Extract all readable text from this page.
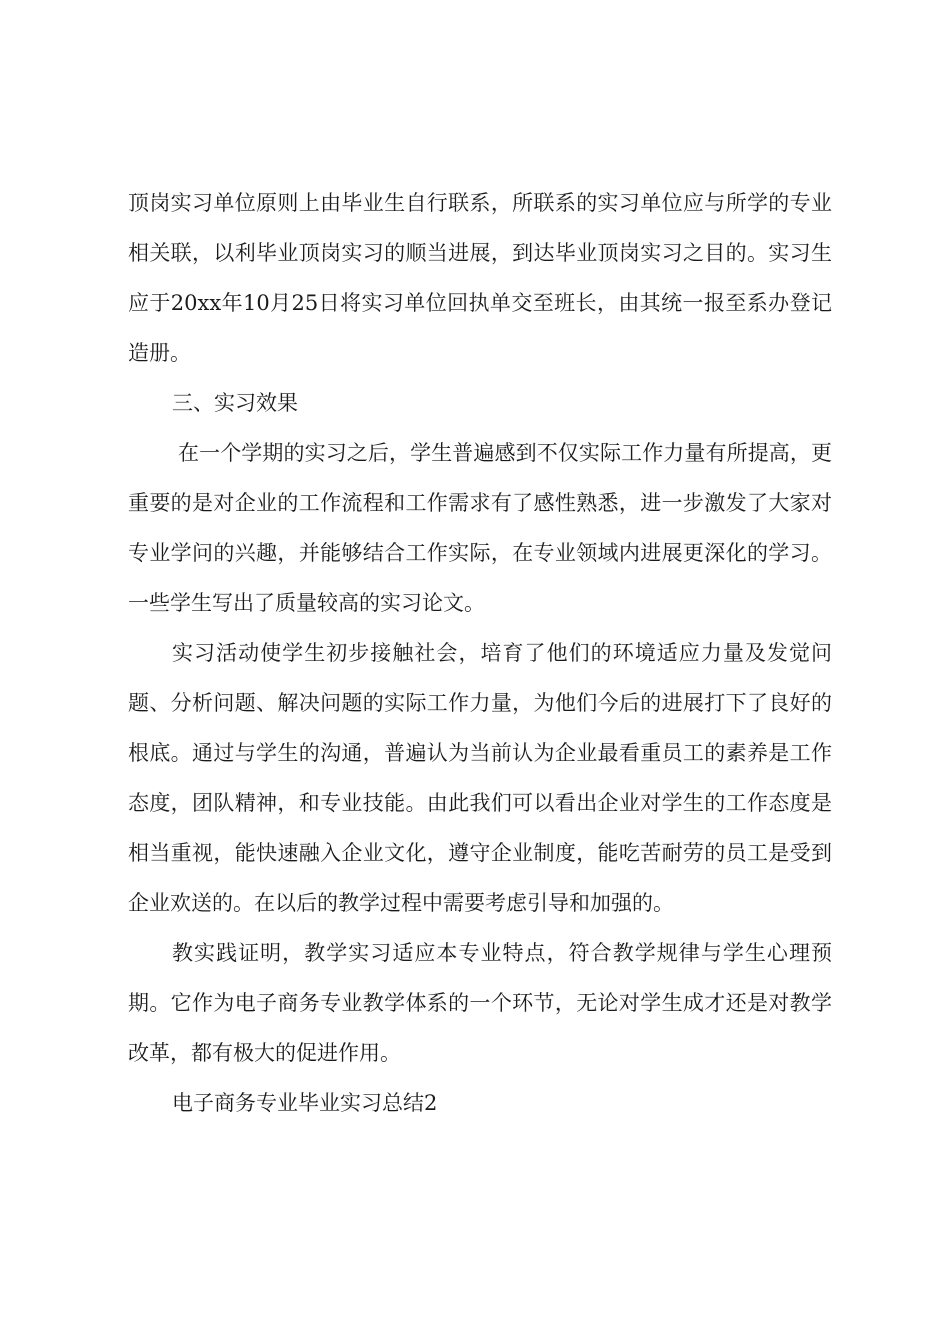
顶岗实习单位原则上由毕业生自行联系，所联系的实习单位应与所学的专业相关联，以利毕业顶岗实习的顺当进展，到达毕业顶岗实习之目的。实习生应于20xx年10月25日将实习单位回执单交至班长，由其统一报至系办登记造册。

三、实习效果

在一个学期的实习之后，学生普遍感到不仅实际工作力量有所提高，更重要的是对企业的工作流程和工作需求有了感性熟悉，进一步激发了大家对专业学问的兴趣，并能够结合工作实际，在专业领域内进展更深化的学习。一些学生写出了质量较高的实习论文。

实习活动使学生初步接触社会，培育了他们的环境适应力量及发觉问题、分析问题、解决问题的实际工作力量，为他们今后的进展打下了良好的根底。通过与学生的沟通，普遍认为当前认为企业最看重员工的素养是工作态度，团队精神，和专业技能。由此我们可以看出企业对学生的工作态度是相当重视，能快速融入企业文化，遵守企业制度，能吃苦耐劳的员工是受到企业欢送的。在以后的教学过程中需要考虑引导和加强的。

教实践证明，教学实习适应本专业特点，符合教学规律与学生心理预期。它作为电子商务专业教学体系的一个环节，无论对学生成才还是对教学改革，都有极大的促进作用。

电子商务专业毕业实习总结2
